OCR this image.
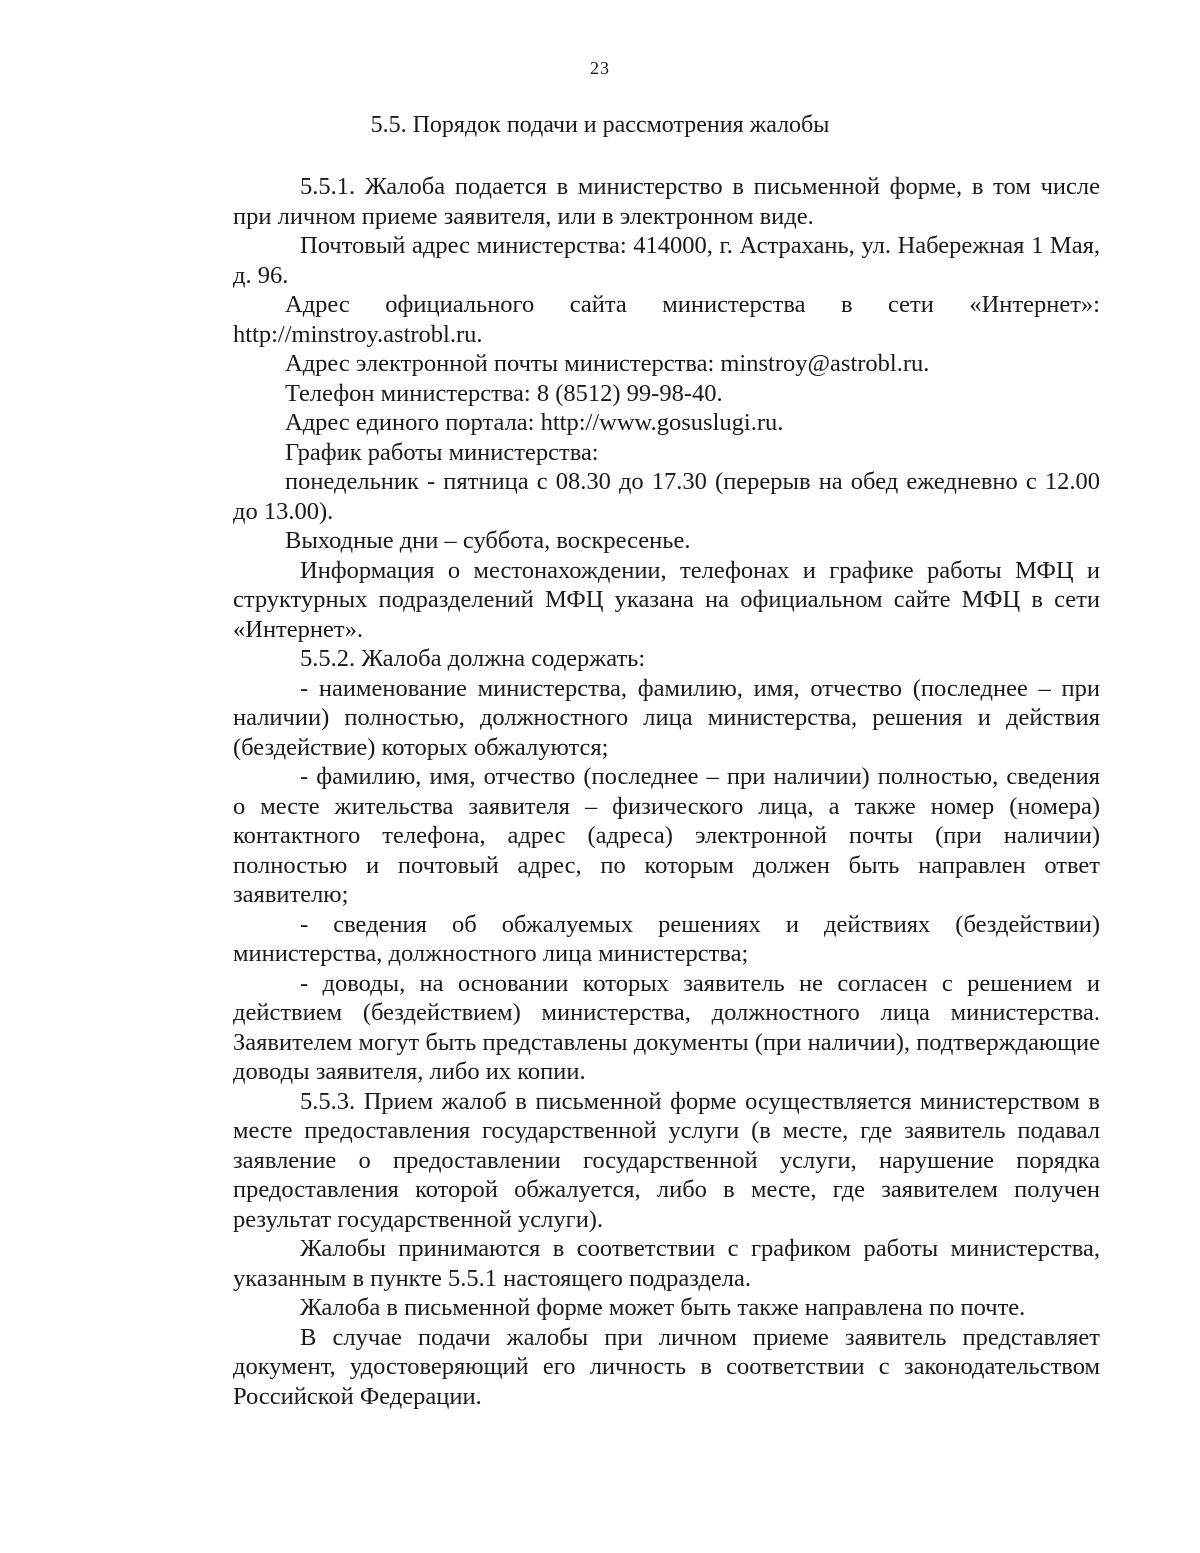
23
5.5. Порядок подачи и рассмотрения жалобы

5.5.1. Жалоба подается в министерство в письменной форме, в том числе при личном приеме заявителя, или в электронном виде.

Почтовый адрес министерства: 414000, г. Астрахань, ул. Набережная 1 Мая, д. 96.

Адрес официального сайта министерства в сети «Интернет»: http://minstroy.astrobl.ru.

Адрес электронной почты министерства: minstroy@astrobl.ru.

Телефон министерства: 8 (8512) 99-98-40.

Адрес единого портала: http://www.gosuslugi.ru.

График работы министерства:

понедельник - пятница с 08.30 до 17.30 (перерыв на обед ежедневно с 12.00 до 13.00).

Выходные дни – суббота, воскресенье.

Информация о местонахождении, телефонах и графике работы МФЦ и структурных подразделений МФЦ указана на официальном сайте МФЦ в сети «Интернет».

5.5.2. Жалоба должна содержать:

- наименование министерства, фамилию, имя, отчество (последнее – при наличии) полностью, должностного лица министерства, решения и действия (бездействие) которых обжалуются;

- фамилию, имя, отчество (последнее – при наличии) полностью, сведения о месте жительства заявителя – физического лица, а также номер (номера) контактного телефона, адрес (адреса) электронной почты (при наличии) полностью и почтовый адрес, по которым должен быть направлен ответ заявителю;

- сведения об обжалуемых решениях и действиях (бездействии) министерства, должностного лица министерства;

- доводы, на основании которых заявитель не согласен с решением и действием (бездействием) министерства, должностного лица министерства. Заявителем могут быть представлены документы (при наличии), подтверждающие доводы заявителя, либо их копии.

5.5.3. Прием жалоб в письменной форме осуществляется министерством в месте предоставления государственной услуги (в месте, где заявитель подавал заявление о предоставлении государственной услуги, нарушение порядка предоставления которой обжалуется, либо в месте, где заявителем получен результат государственной услуги).

Жалобы принимаются в соответствии с графиком работы министерства, указанным в пункте 5.5.1 настоящего подраздела.

Жалоба в письменной форме может быть также направлена по почте.

В случае подачи жалобы при личном приеме заявитель представляет документ, удостоверяющий его личность в соответствии с законодательством Российской Федерации.
